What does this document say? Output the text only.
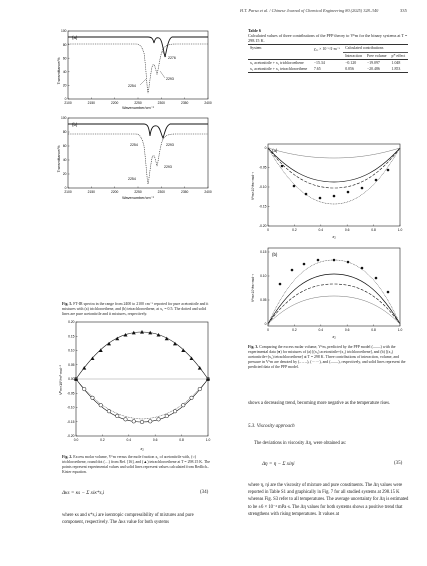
H.T. Parsa et al. / Chinese Journal of Chemical Engineering 80 (2025) 328–340	335
(a)
Transmittance/%
0
20
40
60
80
100
2100	2150	2200	2250	2300	2350	2400
Wavenumber/cm⁻¹
2276
2293
2254
(b)
Transmittance/%
0
20
40
60
80
100
2100	2150	2200	2250	2300	2350	2400
Wavenumber/cm⁻¹
2254	2293
2293
2254
Fig. 5. FT-IR spectra in the range from 2400 to 2100 cm⁻¹ reported for pure acetonitrile and it mixtures with (a) trichloroethene, and (b) tetrachloroethene, at x₁ = 0.5. The dotted and solid lines are pure acetonitrile and it mixtures, respectively.
Vᴱm×10⁶/m³·mol⁻¹
0.20
0.15
0.10
0.05
0.00
-0.05
-0.10
-0.15
-0.20
0.0	0.2	0.4	0.6	0.8	1.0
x₁
Fig. 2. Excess molar volume, Vᴱm versus the mole fraction x₁ of acetonitrile with, (○) trichloroethene, round dot (…) from Ref. [16], and (▲) tetrachloroethene at T = 298.15 K. The points represent experimental values and solid lines represent values calculated from Redlich–Kister equation.
Δκs = κs − Σ xiκ*s,i	(34)
where κs and κ*s,i are isentropic compressibility of mixtures and pure component, respectively. The Δκs value for both systems
Table 6
Calculated values of three contributions of the PFP theory to Vᴱm for the binary systems at T = 298.15 K.
System	χ₁₂ × 10⁻⁶/J·m⁻³	Calculated contributions		
		Interaction	Free volume	p* effect
x₁ acetonitrile + x₂ trichloroethene	−15.34	−0.120	−19.097	1.048
x₁ acetonitrile + x₂ tetrachloroethene	7.65	0.056	−20.486	1.853
(a)
Vᴱm×10⁶/m³·mol⁻¹
0
-0.05
-0.10
-0.15
-0.20
0	0.2	0.4	0.6	0.8	1.0
x₁
(b)
Vᴱm×10⁶/m³·mol⁻¹
0.15
0.10
0.05
0
0	0.2	0.4	0.6	0.8	1.0
x₁
Fig. 3. Comparing the excess molar volume, Vᴱm, predicted by the PFP model (——) with the experimental data (●) for mixtures of (a) [(x₁) acetonitrile+(x₂) trichloroethene], and (b) [(x₁) acetonitrile+(x₂) tetrachloroethene] at T = 298 K. Three contributions of interaction, volume, and pressure in Vᴱm are denoted by (– – –), (······), and (——), respectively, and solid lines represent the predicted data of the PFP model.
shows a decreasing trend, becoming more negative as the temperature rises.
5.3. Viscosity approach
The deviations in viscosity Δη, were obtained as:
Δη = η − Σ xiηi	(35)
where η, ηi are the viscosity of mixture and pure constituents. The Δη values were reported in Table S1 and graphically in Fig. 7 for all studied systems at 298.15 K whereas Fig. S3 refer to all temperatures. The average uncertainty for Δη is estimated to be ±6 × 10⁻² mPa·s. The Δη values for both systems shows a positive trend that strengthens with rising temperatures. It values at
